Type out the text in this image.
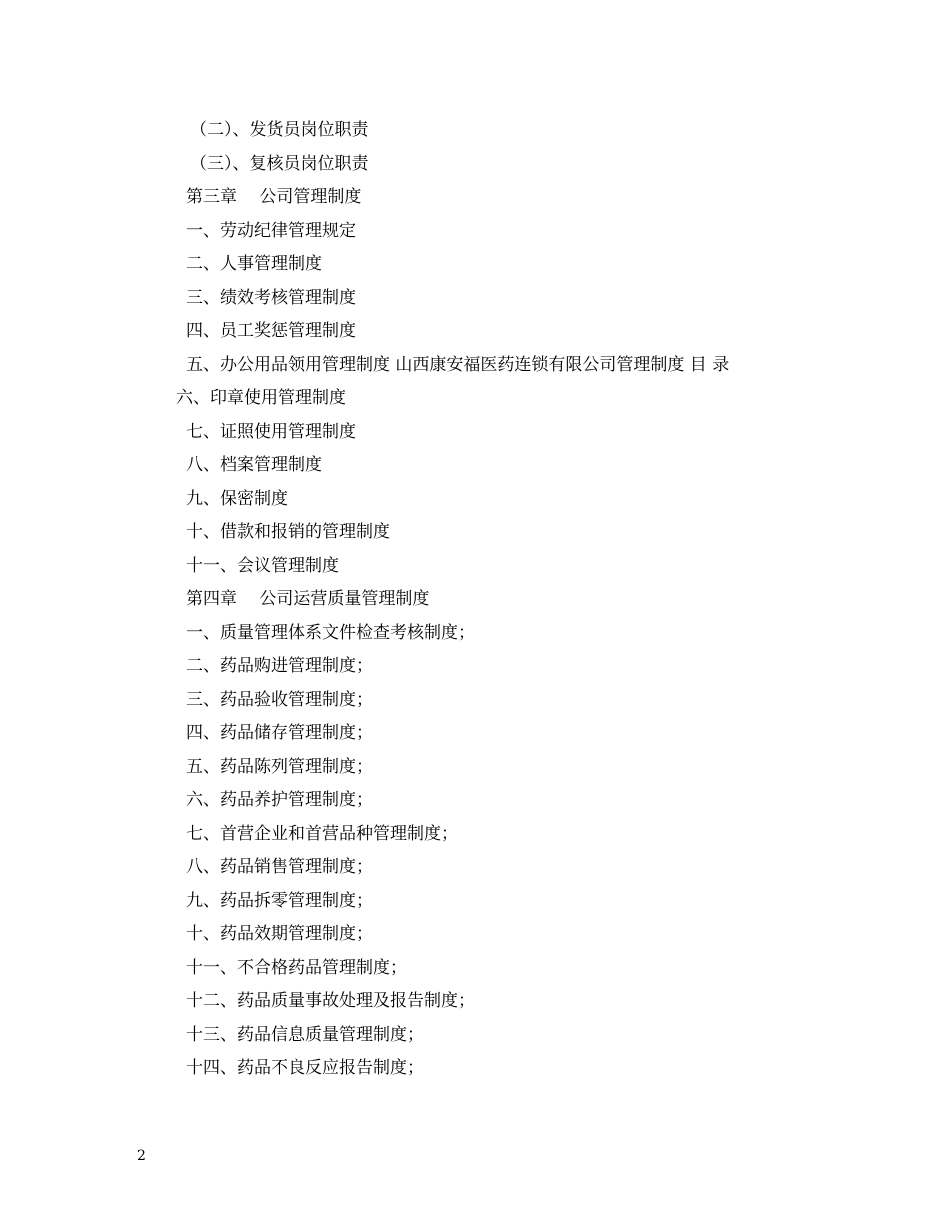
（二）、发货员岗位职责
（三）、复核员岗位职责
第三章　 公司管理制度
一、劳动纪律管理规定
二、人事管理制度
三、绩效考核管理制度
四、员工奖惩管理制度
五、办公用品领用管理制度 山西康安福医药连锁有限公司管理制度 目 录
六、印章使用管理制度
七、证照使用管理制度
八、档案管理制度
九、保密制度
十、借款和报销的管理制度
十一、会议管理制度
第四章　 公司运营质量管理制度
一、质量管理体系文件检查考核制度；
二、药品购进管理制度；
三、药品验收管理制度；
四、药品储存管理制度；
五、药品陈列管理制度；
六、药品养护管理制度；
七、首营企业和首营品种管理制度；
八、药品销售管理制度；
九、药品拆零管理制度；
十、药品效期管理制度；
十一、不合格药品管理制度；
十二、药品质量事故处理及报告制度；
十三、药品信息质量管理制度；
十四、药品不良反应报告制度；
2
